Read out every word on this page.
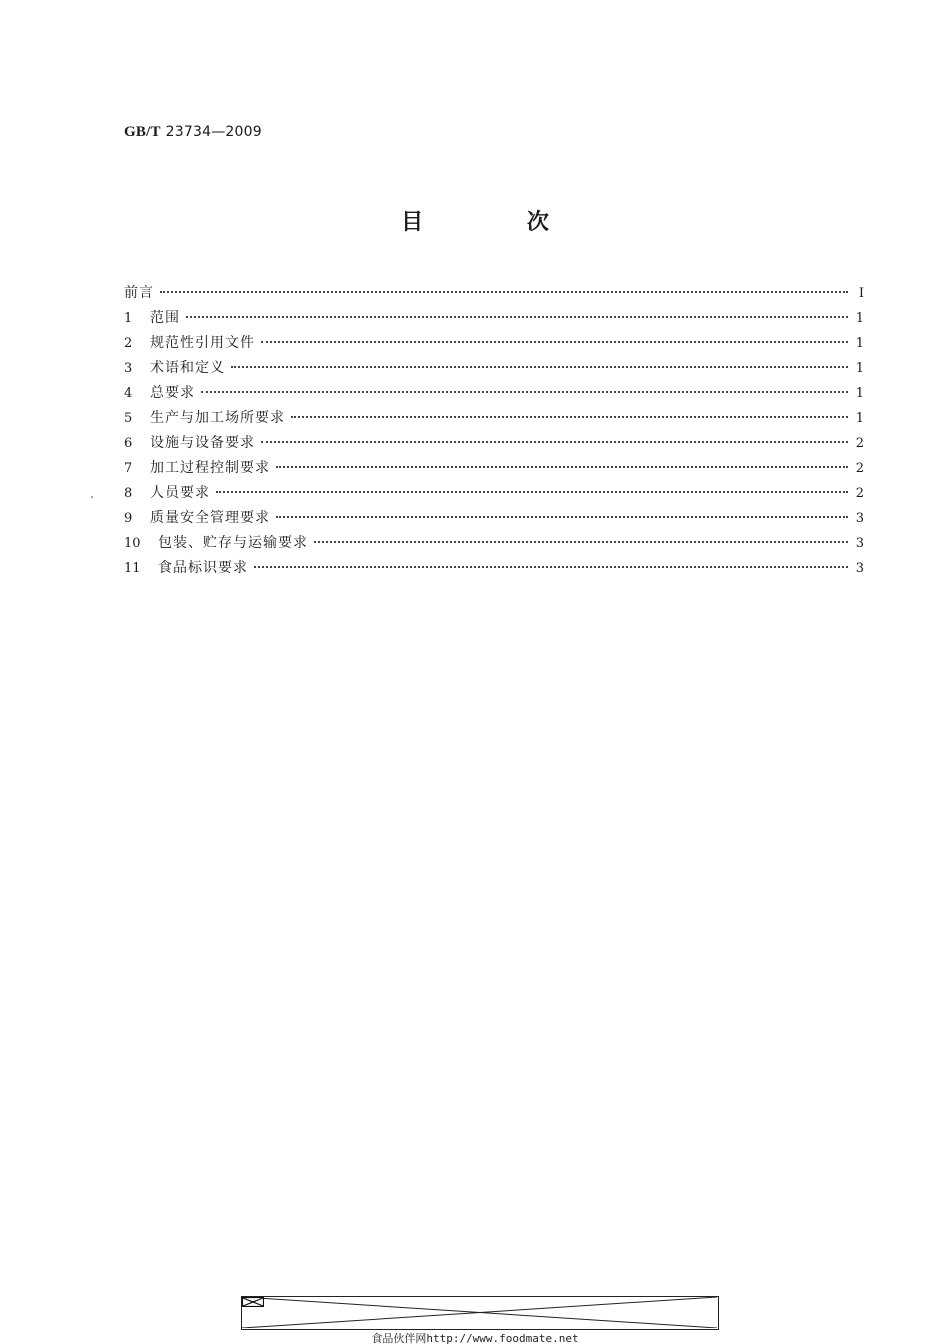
GB/T 23734—2009
目 次
前言	Ⅰ
1	范围	1
2	规范性引用文件	1
3	术语和定义	1
4	总要求	1
5	生产与加工场所要求	1
6	设施与设备要求	2
7	加工过程控制要求	2
8	人员要求	2
9	质量安全管理要求	3
10	包装、贮存与运输要求	3
11	食品标识要求	3
食品伙伴网http://www.foodmate.net
